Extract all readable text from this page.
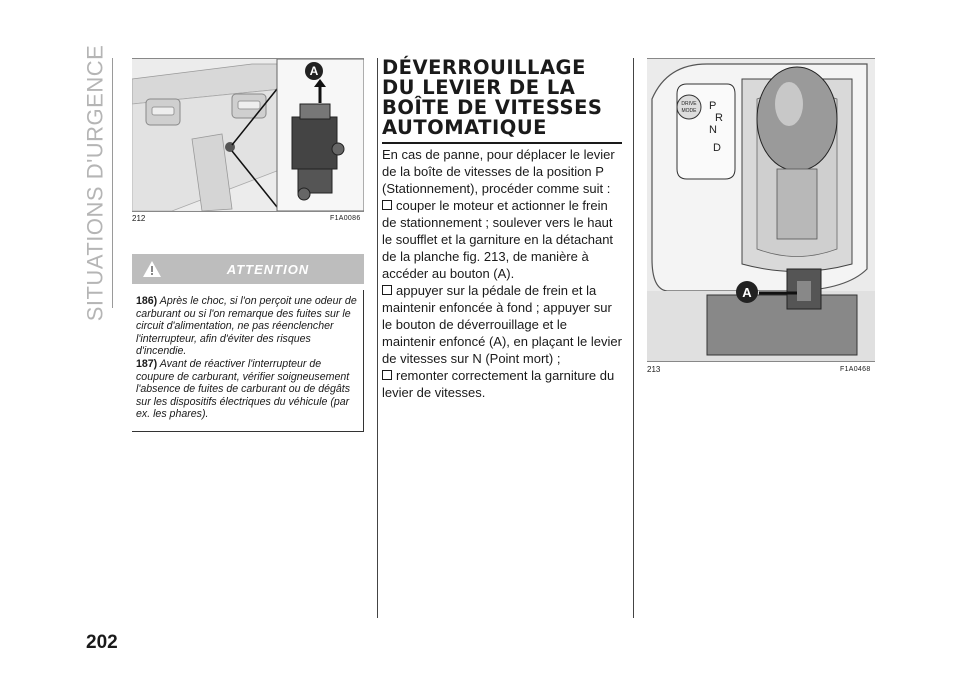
SITUATIONS D'URGENCE
202
A
212	F1A0086
ATTENTION

186) Après le choc, si l'on perçoit une odeur de carburant ou si l'on remarque des fuites sur le circuit d'alimentation, ne pas réenclencher l'interrupteur, afin d'éviter des risques d'incendie.

187) Avant de réactiver l'interrupteur de coupure de carburant, vérifier soigneusement l'absence de fuites de carburant ou de dégâts sur les dispositifs électriques du véhicule (par ex. les phares).

DÉVERROUILLAGE
DU LEVIER DE LA
BOÎTE DE VITESSES
AUTOMATIQUE

En cas de panne, pour déplacer le levier de la boîte de vitesses de la position P (Stationnement), procéder comme suit :

couper le moteur et actionner le frein de stationnement ; soulever vers le haut le soufflet et la garniture en la détachant de la planche fig. 213, de manière à accéder au bouton (A).

appuyer sur la pédale de frein et la maintenir enfoncée à fond ; appuyer sur le bouton de déverrouillage et le maintenir enfoncé (A), en plaçant le levier de vitesses sur N (Point mort) ;

remonter correctement la garniture du levier de vitesses.

DRIVE
MODE P
R
N
D
A
213	F1A0468
